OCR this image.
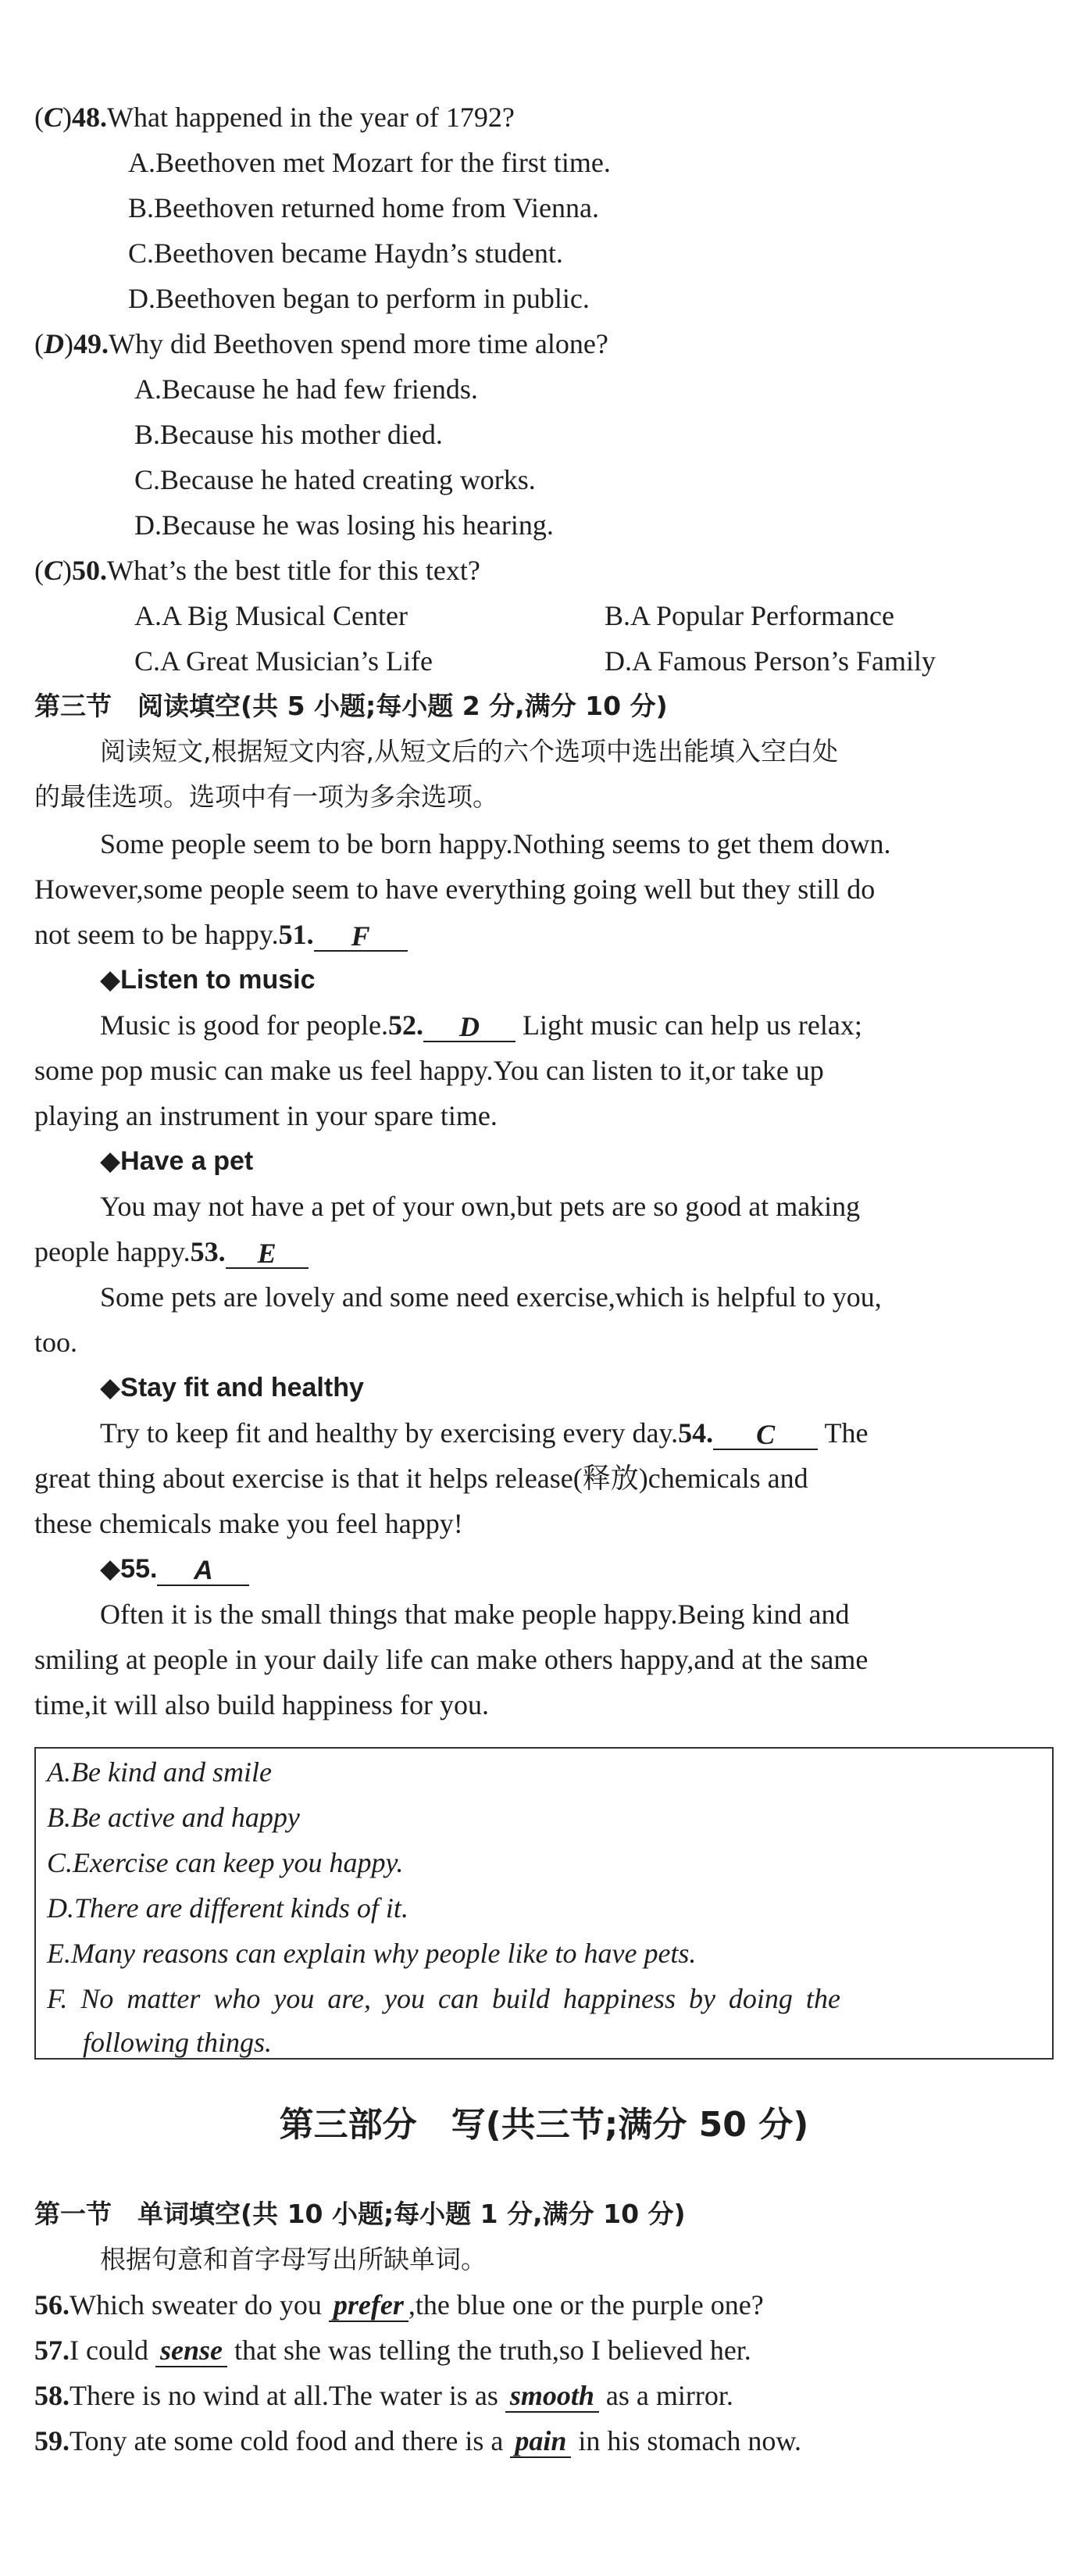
(C)48.What happened in the year of 1792?
A.Beethoven met Mozart for the first time.
B.Beethoven returned home from Vienna.
C.Beethoven became Haydn’s student.
D.Beethoven began to perform in public.
(D)49.Why did Beethoven spend more time alone?
A.Because he had few friends.
B.Because his mother died.
C.Because he hated creating works.
D.Because he was losing his hearing.
(C)50.What’s the best title for this text?
A.A Big Musical Center	B.A Popular Performance
C.A Great Musician’s Life	D.A Famous Person’s Family
第三节　阅读填空(共 5 小题;每小题 2 分,满分 10 分)
阅读短文,根据短文内容,从短文后的六个选项中选出能填入空白处
的最佳选项。选项中有一项为多余选项。
Some people seem to be born happy.Nothing seems to get them down.
However,some people seem to have everything going well but they still do
not seem to be happy.51. F
◆Listen to music
Music is good for people.52. D Light music can help us relax;
some pop music can make us feel happy.You can listen to it,or take up
playing an instrument in your spare time.
◆Have a pet
You may not have a pet of your own,but pets are so good at making
people happy.53. E
Some pets are lovely and some need exercise,which is helpful to you,
too.
◆Stay fit and healthy
Try to keep fit and healthy by exercising every day.54. C The
great thing about exercise is that it helps release(释放)chemicals and
these chemicals make you feel happy!
◆55. A
Often it is the small things that make people happy.Being kind and
smiling at people in your daily life can make others happy,and at the same
time,it will also build happiness for you.
A.Be kind and smile
B.Be active and happy
C.Exercise can keep you happy.
D.There are different kinds of it.
E.Many reasons can explain why people like to have pets.
F. No matter who you are, you can build happiness by doing the
following things.
第三部分　写(共三节;满分 50 分)
第一节　单词填空(共 10 小题;每小题 1 分,满分 10 分)
根据句意和首字母写出所缺单词。
56.Which sweater do you prefer ,the blue one or the purple one?
57.I could sense that she was telling the truth,so I believed her.
58.There is no wind at all.The water is as smooth as a mirror.
59.Tony ate some cold food and there is a pain in his stomach now.
